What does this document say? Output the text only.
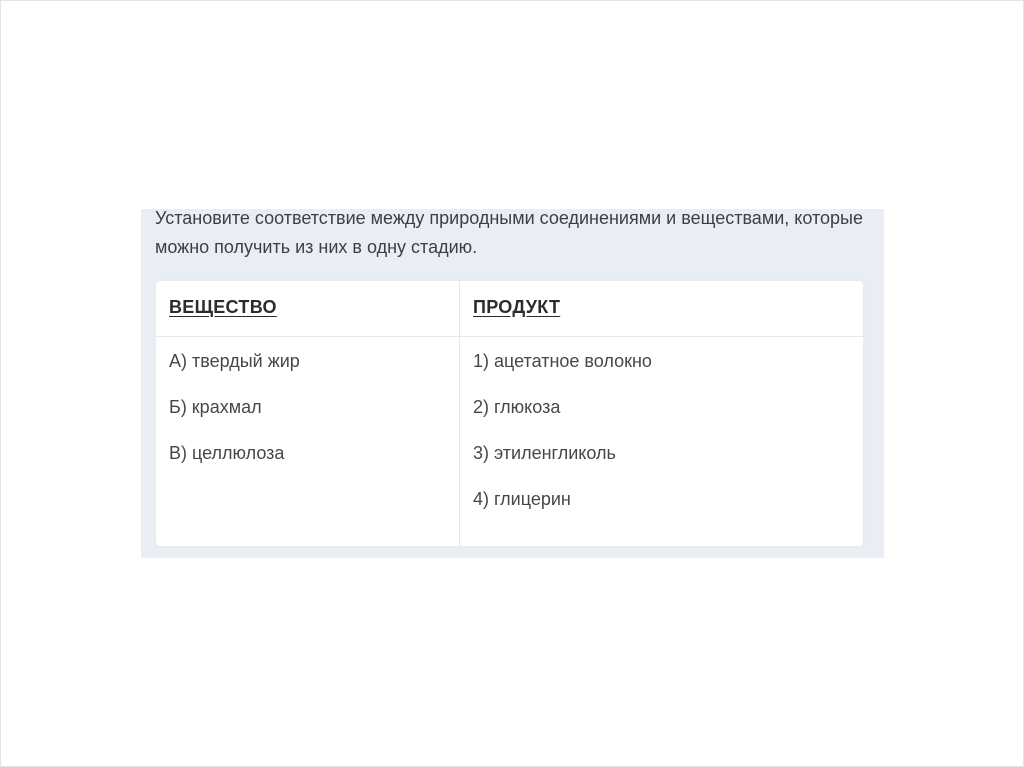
Установите соответствие между природными соединениями и веществами, которые можно получить из них в одну стадию.

ВЕЩЕСТВО
А) твердый жир
Б) крахмал
В) целлюлоза
ПРОДУКТ
1) ацетатное волокно
2) глюкоза
3) этиленгликоль
4) глицерин
